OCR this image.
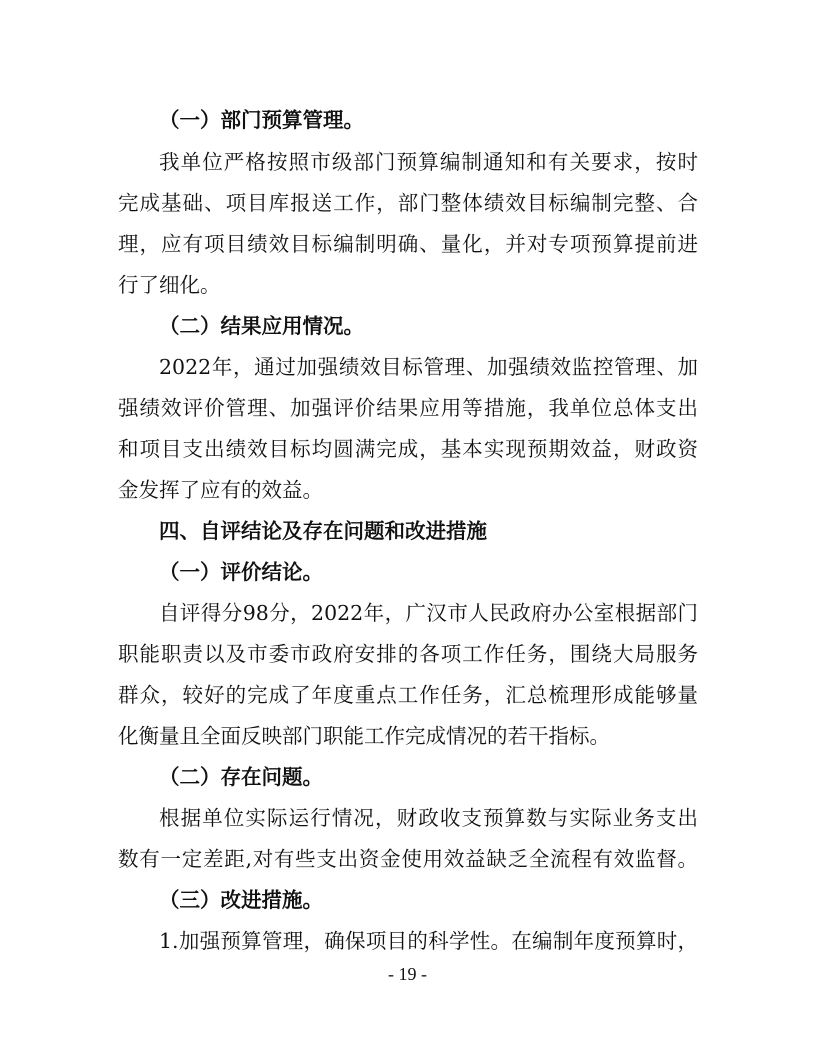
（一）部门预算管理。
我单位严格按照市级部门预算编制通知和有关要求，按时
完成基础、项目库报送工作，部门整体绩效目标编制完整、合
理，应有项目绩效目标编制明确、量化，并对专项预算提前进
行了细化。
（二）结果应用情况。
2022年，通过加强绩效目标管理、加强绩效监控管理、加
强绩效评价管理、加强评价结果应用等措施，我单位总体支出
和项目支出绩效目标均圆满完成，基本实现预期效益，财政资
金发挥了应有的效益。
四、自评结论及存在问题和改进措施
（一）评价结论。
自评得分98分，2022年，广汉市人民政府办公室根据部门
职能职责以及市委市政府安排的各项工作任务，围绕大局服务
群众，较好的完成了年度重点工作任务，汇总梳理形成能够量
化衡量且全面反映部门职能工作完成情况的若干指标。
（二）存在问题。
根据单位实际运行情况，财政收支预算数与实际业务支出
数有一定差距,对有些支出资金使用效益缺乏全流程有效监督。
（三）改进措施。
1.加强预算管理，确保项目的科学性。在编制年度预算时，
- 19 -
